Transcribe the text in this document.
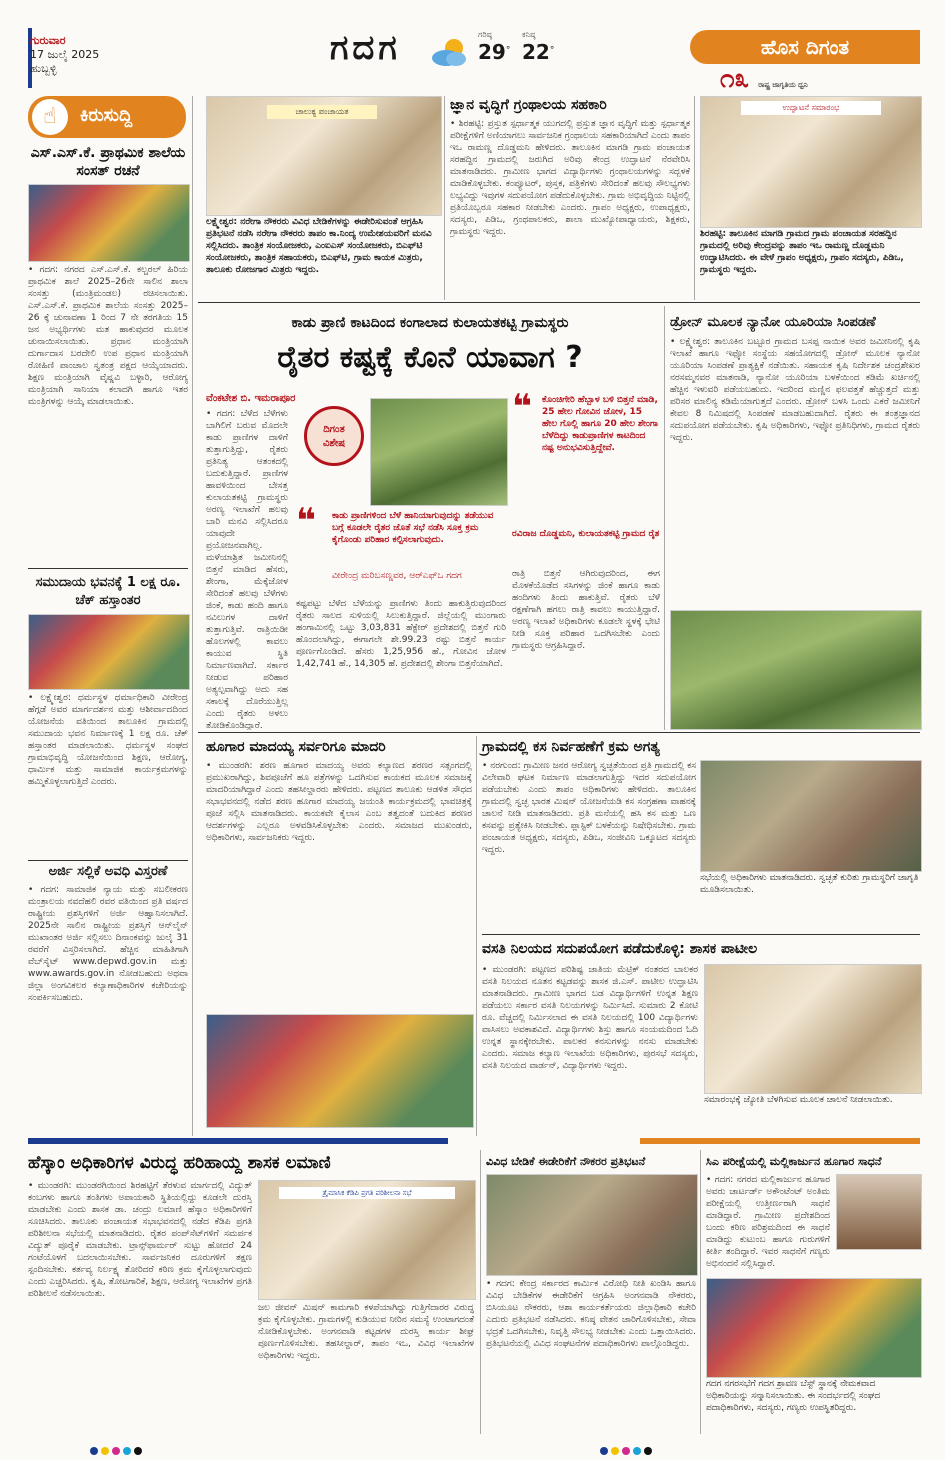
ಗುರುವಾರ
17 ಜುಲೈ 2025
ಹುಬ್ಬಳ್ಳಿ
ಗದಗ	ಗರಿಷ್ಠ
29°
ಕನಿಷ್ಠ
22°	ಹೊಸ ದಿಗಂತ
೧೩ ರಾಷ್ಟ್ರ ಜಾಗೃತಿಯ ಧ್ವನಿ
☝	ಕಿರುಸುದ್ದಿ
ಎಸ್.ಎಸ್.ಕೆ. ಪ್ರಾಥಮಿಕ ಶಾಲೆಯ ಸಂಸತ್ ರಚನೆ
• ಗದಗ: ನಗರದ ಎಸ್.ಎಸ್.ಕೆ. ಕಲ್ಚರಲ್ ಹಿರಿಯ ಪ್ರಾಥಮಿಕ ಶಾಲೆ 2025–26ನೇ ಸಾಲಿನ ಶಾಲಾ ಸಂಸತ್ತು (ಮಂತ್ರಿಮಂಡಲ) ರಚಿಸಲಾಯಿತು. ಎಸ್.ಎಸ್.ಕೆ. ಪ್ರಾಥಮಿಕ ಶಾಲೆಯ ಸಂಸತ್ತು 2025–26 ಕ್ಕೆ ಚುನಾವಣಾ 1 ರಿಂದ 7 ನೇ ತರಗತಿಯ 15 ಜನ ಅಭ್ಯರ್ಥಿಗಳು ಮತ ಹಾಕುವುದರ ಮೂಲಕ ಚುನಾಯಿಸಲಾಯಿತು. ಪ್ರಧಾನ ಮಂತ್ರಿಯಾಗಿ ದುರ್ಗಾದಾಸ ಬರದೇಲಿ ಉಪ ಪ್ರಧಾನ ಮಂತ್ರಿಯಾಗಿ ರೋಹಿಣಿ ಪಾಂಚಾಲ ಸ್ವತಂತ್ರ ಪಕ್ಷದ ಆಯ್ಕೆಯಾದರು. ಶಿಕ್ಷಣ ಮಂತ್ರಿಯಾಗಿ ವೈಷ್ಣವಿ ಬಳ್ಳಾರಿ, ಆರೋಗ್ಯ ಮಂತ್ರಿಯಾಗಿ ಸಾನಿಯಾ ಕಲಾದಗಿ ಹಾಗೂ ಇತರ ಮಂತ್ರಿಗಳನ್ನು ಆಯ್ಕೆ ಮಾಡಲಾಯಿತು.
ಸಮುದಾಯ ಭವನಕ್ಕೆ 1 ಲಕ್ಷ ರೂ. ಚೆಕ್ ಹಸ್ತಾಂತರ
• ಲಕ್ಷ್ಮೇಶ್ವರ: ಧರ್ಮಸ್ಥಳ ಧರ್ಮಾಧಿಕಾರಿ ವೀರೇಂದ್ರ ಹೆಗ್ಗಡೆ ಅವರ ಮಾರ್ಗದರ್ಶನ ಮತ್ತು ಆಶೀರ್ವಾದದಿಂದ ಯೋಜನೆಯ ವತಿಯಿಂದ ತಾಲೂಕಿನ ಗ್ರಾಮದಲ್ಲಿ ಸಮುದಾಯ ಭವನ ನಿರ್ಮಾಣಕ್ಕೆ 1 ಲಕ್ಷ ರೂ. ಚೆಕ್ ಹಸ್ತಾಂತರ ಮಾಡಲಾಯಿತು. ಧರ್ಮಸ್ಥಳ ಸಂಘದ ಗ್ರಾಮಾಭಿವೃದ್ಧಿ ಯೋಜನೆಯಿಂದ ಶಿಕ್ಷಣ, ಆರೋಗ್ಯ, ಧಾರ್ಮಿಕ ಮತ್ತು ಸಾಮಾಜಿಕ ಕಾರ್ಯಕ್ರಮಗಳನ್ನು ಹಮ್ಮಿಕೊಳ್ಳಲಾಗುತ್ತಿದೆ ಎಂದರು.
ಅರ್ಜಿ ಸಲ್ಲಿಕೆ ಅವಧಿ ವಿಸ್ತರಣೆ
• ಗದಗ: ಸಾಮಾಜಿಕ ನ್ಯಾಯ ಮತ್ತು ಸಬಲೀಕರಣ ಮಂತ್ರಾಲಯ ನವದೆಹಲಿ ರವರ ವತಿಯಿಂದ ಪ್ರತಿ ವರ್ಷದ ರಾಷ್ಟ್ರೀಯ ಪ್ರಶಸ್ತಿಗಳಿಗೆ ಅರ್ಜಿ ಆಹ್ವಾನಿಸಲಾಗಿದೆ. 2025ನೇ ಸಾಲಿನ ರಾಷ್ಟ್ರೀಯ ಪ್ರಶಸ್ತಿಗೆ ಆನ್‌ಲೈನ್ ಮುಖಾಂತರ ಅರ್ಜಿ ಸಲ್ಲಿಸಲು ದಿನಾಂಕವನ್ನು ಜುಲೈ 31 ರವರೆಗೆ ವಿಸ್ತರಿಸಲಾಗಿದೆ. ಹೆಚ್ಚಿನ ಮಾಹಿತಿಗಾಗಿ ವೆಬ್‌ಸೈಟ್ www.depwd.gov.in ಮತ್ತು www.awards.gov.in ನೋಡಬಹುದು ಅಥವಾ ಜಿಲ್ಲಾ ಅಂಗವಿಕಲರ ಕಲ್ಯಾಣಾಧಿಕಾರಿಗಳ ಕಚೇರಿಯನ್ನು ಸಂಪರ್ಕಿಸಬಹುದು.
ಚಾಲುಕ್ಯ ಪಂಚಾಯತ
ಲಕ್ಷ್ಮೇಶ್ವರ: ನರೇಗಾ ನೌಕರರು ವಿವಿಧ ಬೇಡಿಕೆಗಳನ್ನು ಈಡೇರಿಸುವಂತೆ ಆಗ್ರಹಿಸಿ ಪ್ರತಿಭಟನೆ ನಡೆಸಿ ನರೇಗಾ ನೌಕರರು ತಾಪಂ ಕಾ.ನಿಂದ್ಯ ಉಮೇಶಯವರಿಗೆ ಮನವಿ ಸಲ್ಲಿಸಿದರು. ತಾಂತ್ರಿಕ ಸಂಯೋಜಕರು, ಎಂಐಎಸ್ ಸಂಯೋಜಕರು, ಬಿಎಫ್‌ಟಿ ಸಂಯೋಜಕರು, ತಾಂತ್ರಿಕ ಸಹಾಯಕರು, ಬಿಎಫ್‌ಟಿ, ಗ್ರಾಮ ಕಾಯಕ ಮಿತ್ರರು, ತಾಲೂಕು ರೋಜಗಾರ ಮಿತ್ರರು ಇದ್ದರು.
ಜ್ಞಾನ ವೃದ್ಧಿಗೆ ಗ್ರಂಥಾಲಯ ಸಹಕಾರಿ
• ಶಿರಹಟ್ಟಿ: ಪ್ರಸ್ತುತ ಸ್ಪರ್ಧಾತ್ಮಕ ಯುಗದಲ್ಲಿ ಪ್ರಸ್ತುತ ಜ್ಞಾನ ವೃದ್ಧಿಗೆ ಮತ್ತು ಸ್ಪರ್ಧಾತ್ಮಕ ಪರೀಕ್ಷೆಗಳಿಗೆ ಅಣಿಯಾಗಲು ಸಾರ್ವಜನಿಕ ಗ್ರಂಥಾಲಯ ಸಹಕಾರಿಯಾಗಿದೆ ಎಂದು ತಾಪಂ ಇಒ ರಾಮಣ್ಣ ದೊಡ್ಡಮನಿ ಹೇಳಿದರು. ತಾಲೂಕಿನ ಮಾಗಡಿ ಗ್ರಾಮ ಪಂಚಾಯತ ಸರಹದ್ದಿನ ಗ್ರಾಮದಲ್ಲಿ ಜರುಗಿದ ಅರಿವು ಕೇಂದ್ರ ಉದ್ಘಾಟನೆ ನೆರವೇರಿಸಿ ಮಾತನಾಡಿದರು. ಗ್ರಾಮೀಣ ಭಾಗದ ವಿದ್ಯಾರ್ಥಿಗಳು ಗ್ರಂಥಾಲಯಗಳನ್ನು ಸದ್ಬಳಕೆ ಮಾಡಿಕೊಳ್ಳಬೇಕು. ಕಂಪ್ಯೂಟರ್, ಪುಸ್ತಕ, ಪತ್ರಿಕೆಗಳು ಸೇರಿದಂತೆ ಹಲವು ಸೌಲಭ್ಯಗಳು ಲಭ್ಯವಿದ್ದು ಇವುಗಳ ಸದುಪಯೋಗ ಪಡೆದುಕೊಳ್ಳಬೇಕು. ಗ್ರಾಮ ಅಭಿವೃದ್ಧಿಯ ನಿಟ್ಟಿನಲ್ಲಿ ಪ್ರತಿಯೊಬ್ಬರೂ ಸಹಕಾರ ನೀಡಬೇಕು ಎಂದರು. ಗ್ರಾಪಂ ಅಧ್ಯಕ್ಷರು, ಉಪಾಧ್ಯಕ್ಷರು, ಸದಸ್ಯರು, ಪಿಡಿಒ, ಗ್ರಂಥಪಾಲಕರು, ಶಾಲಾ ಮುಖ್ಯೋಪಾಧ್ಯಾಯರು, ಶಿಕ್ಷಕರು, ಗ್ರಾಮಸ್ಥರು ಇದ್ದರು.
ಉದ್ಘಾಟನೆ ಸಮಾರಂಭ
ಶಿರಹಟ್ಟಿ: ತಾಲೂಕಿನ ಮಾಗಡಿ ಗ್ರಾಮದ ಗ್ರಾಮ ಪಂಚಾಯತ ಸರಹದ್ದಿನ ಗ್ರಾಮದಲ್ಲಿ ಅರಿವು ಕೇಂದ್ರವನ್ನು ತಾಪಂ ಇಒ ರಾಮಣ್ಣ ದೊಡ್ಡಮನಿ ಉದ್ಘಾಟಿಸಿದರು. ಈ ವೇಳೆ ಗ್ರಾಪಂ ಅಧ್ಯಕ್ಷರು, ಗ್ರಾಪಂ ಸದಸ್ಯರು, ಪಿಡಿಒ, ಗ್ರಾಮಸ್ಥರು ಇದ್ದರು.
ಕಾಡು ಪ್ರಾಣಿ ಕಾಟದಿಂದ ಕಂಗಾಲಾದ ಕುಲಾಯತಕಟ್ಟಿ ಗ್ರಾಮಸ್ಥರು
ರೈತರ ಕಷ್ಟಕ್ಕೆ ಕೊನೆ ಯಾವಾಗ ?
ವೆಂಕಟೇಶ ಬಿ. ಇಮರಾಪೂರ
• ಗದಗ: ಬೆಳೆದ ಬೆಳೆಗಳು ಬಾಗಿಲಿಗೆ ಬರುವ ಮೊದಲೇ ಕಾಡು ಪ್ರಾಣಿಗಳ ದಾಳಿಗೆ ತುತ್ತಾಗುತ್ತಿದ್ದು, ರೈತರು ಪ್ರತಿನಿತ್ಯ ಆತಂಕದಲ್ಲಿ ಬದುಕುತ್ತಿದ್ದಾರೆ. ಪ್ರಾಣಿಗಳ ಹಾವಳಿಯಿಂದ ಬೇಸತ್ತ ಕುಲಾಯತಕಟ್ಟಿ ಗ್ರಾಮಸ್ಥರು ಅರಣ್ಯ ಇಲಾಖೆಗೆ ಹಲವು ಬಾರಿ ಮನವಿ ಸಲ್ಲಿಸಿದರೂ ಯಾವುದೇ ಪ್ರಯೋಜನವಾಗಿಲ್ಲ. ಮಳೆಯಾಶ್ರಿತ ಜಮೀನಿನಲ್ಲಿ ಬಿತ್ತನೆ ಮಾಡಿದ ಹೆಸರು, ಶೇಂಗಾ, ಮೆಕ್ಕೆಜೋಳ ಸೇರಿದಂತೆ ಹಲವು ಬೆಳೆಗಳು ಜಿಂಕೆ, ಕಾಡು ಹಂದಿ ಹಾಗೂ ನವಿಲುಗಳ ದಾಳಿಗೆ ತುತ್ತಾಗುತ್ತಿವೆ. ರಾತ್ರಿಯಿಡೀ ಹೊಲಗಳಲ್ಲಿ ಕಾವಲು ಕಾಯುವ ಸ್ಥಿತಿ ನಿರ್ಮಾಣವಾಗಿದೆ. ಸರ್ಕಾರ ನೀಡುವ ಪರಿಹಾರ ಅತ್ಯಲ್ಪವಾಗಿದ್ದು ಅದು ಸಹ ಸಕಾಲಕ್ಕೆ ದೊರೆಯುತ್ತಿಲ್ಲ ಎಂದು ರೈತರು ಅಳಲು ತೋಡಿಕೊಂಡಿದ್ದಾರೆ.
ದಿಗಂತ
ವಿಶೇಷ
❝	ಕಾಡು ಪ್ರಾಣಿಗಳಿಂದ ಬೆಳೆ ಹಾನಿಯಾಗುವುದನ್ನು ತಡೆಯುವ ಬಗ್ಗೆ ಕೂಡಲೇ ರೈತರ ಜೊತೆ ಸಭೆ ನಡೆಸಿ ಸೂಕ್ತ ಕ್ರಮ ಕೈಗೊಂಡು ಪರಿಹಾರ ಕಲ್ಪಿಸಲಾಗುವುದು.
ವೀರೇಂದ್ರ ಮರಿಬಸಣ್ಣವರ, ಆರ್‌ಎಫ್‌ಒ ಗದಗ
ಕಷ್ಟಪಟ್ಟು ಬೆಳೆದ ಬೆಳೆಯನ್ನು ಪ್ರಾಣಿಗಳು ತಿಂದು ಹಾಕುತ್ತಿರುವುದರಿಂದ ರೈತರು ಸಾಲದ ಸುಳಿಯಲ್ಲಿ ಸಿಲುಕುತ್ತಿದ್ದಾರೆ. ಜಿಲ್ಲೆಯಲ್ಲಿ ಮುಂಗಾರು ಹಂಗಾಮಿನಲ್ಲಿ ಒಟ್ಟು 3,03,831 ಹೆಕ್ಟೇರ್ ಪ್ರದೇಶದಲ್ಲಿ ಬಿತ್ತನೆ ಗುರಿ ಹೊಂದಲಾಗಿದ್ದು, ಈಗಾಗಲೇ ಶೇ.99.23 ರಷ್ಟು ಬಿತ್ತನೆ ಕಾರ್ಯ ಪೂರ್ಣಗೊಂಡಿದೆ. ಹೆಸರು 1,25,956 ಹೆ., ಗೋವಿನ ಜೋಳ 1,42,741 ಹೆ., 14,305 ಹೆ. ಪ್ರದೇಶದಲ್ಲಿ ಶೇಂಗಾ ಬಿತ್ತನೆಯಾಗಿದೆ.
❝	ಕೊಂಚಿಗೇರಿ ಹೆಬ್ಬಾಳ ಬಳಿ ಬಿತ್ತನೆ ಮಾಡಿ, 25 ಹೇಲ ಗೋವಿನ ಜೋಳ, 15 ಹೇಲ ಗೊಲ್ಲಿ ಹಾಗೂ 20 ಹೇಲ ಶೇಂಗಾ ಬೆಳೆದಿದ್ದು ಕಾಡುಪ್ರಾಣಿಗಳ ಕಾಟದಿಂದ ನಷ್ಟ ಅನುಭವಿಸುತ್ತಿದ್ದೇವೆ.
ರವಿರಾಜ ದೊಡ್ಡಮನಿ, ಕುಲಾಯತಕಟ್ಟಿ ಗ್ರಾಮದ ರೈತ
ರಾತ್ರಿ ಬಿತ್ತನೆ ಆಗಿರುವುದರಿಂದ, ಈಗ ಮೊಳಕೆಯೊಡೆದ ಸಸಿಗಳನ್ನು ಜಿಂಕೆ ಹಾಗೂ ಕಾಡು ಹಂದಿಗಳು ತಿಂದು ಹಾಕುತ್ತಿವೆ. ರೈತರು ಬೆಳೆ ರಕ್ಷಣೆಗಾಗಿ ಹಗಲು ರಾತ್ರಿ ಕಾವಲು ಕಾಯುತ್ತಿದ್ದಾರೆ. ಅರಣ್ಯ ಇಲಾಖೆ ಅಧಿಕಾರಿಗಳು ಕೂಡಲೇ ಸ್ಥಳಕ್ಕೆ ಭೇಟಿ ನೀಡಿ ಸೂಕ್ತ ಪರಿಹಾರ ಒದಗಿಸಬೇಕು ಎಂದು ಗ್ರಾಮಸ್ಥರು ಆಗ್ರಹಿಸಿದ್ದಾರೆ.
ಡ್ರೋನ್ ಮೂಲಕ ನ್ಯಾನೋ ಯೂರಿಯಾ ಸಿಂಪಡಣೆ
• ಲಕ್ಷ್ಮೇಶ್ವರ: ತಾಲೂಕಿನ ಬಟ್ಟೂರ ಗ್ರಾಮದ ಬಸಪ್ಪ ನಾಯಿಕ ಅವರ ಜಮೀನಿನಲ್ಲಿ ಕೃಷಿ ಇಲಾಖೆ ಹಾಗೂ ಇಫ್ಕೋ ಸಂಸ್ಥೆಯ ಸಹಯೋಗದಲ್ಲಿ ಡ್ರೋನ್ ಮೂಲಕ ನ್ಯಾನೋ ಯೂರಿಯಾ ಸಿಂಪಡಣೆ ಪ್ರಾತ್ಯಕ್ಷಿಕೆ ನಡೆಯಿತು. ಸಹಾಯಕ ಕೃಷಿ ನಿರ್ದೇಶಕ ಚಂದ್ರಶೇಖರ ನರಸಮ್ಮನವರ ಮಾತನಾಡಿ, ನ್ಯಾನೋ ಯೂರಿಯಾ ಬಳಕೆಯಿಂದ ಕಡಿಮೆ ಖರ್ಚಿನಲ್ಲಿ ಹೆಚ್ಚಿನ ಇಳುವರಿ ಪಡೆಯಬಹುದು. ಇದರಿಂದ ಮಣ್ಣಿನ ಫಲವತ್ತತೆ ಹೆಚ್ಚುತ್ತದೆ ಮತ್ತು ಪರಿಸರ ಮಾಲಿನ್ಯ ಕಡಿಮೆಯಾಗುತ್ತದೆ ಎಂದರು. ಡ್ರೋನ್ ಬಳಸಿ ಒಂದು ಎಕರೆ ಜಮೀನಿಗೆ ಕೇವಲ 8 ನಿಮಿಷದಲ್ಲಿ ಸಿಂಪಡಣೆ ಮಾಡಬಹುದಾಗಿದೆ. ರೈತರು ಈ ತಂತ್ರಜ್ಞಾನದ ಸದುಪಯೋಗ ಪಡೆಯಬೇಕು. ಕೃಷಿ ಅಧಿಕಾರಿಗಳು, ಇಫ್ಕೋ ಪ್ರತಿನಿಧಿಗಳು, ಗ್ರಾಮದ ರೈತರು ಇದ್ದರು.
ಹೂಗಾರ ಮಾದಯ್ಯ ಸರ್ವರಿಗೂ ಮಾದರಿ
• ಮುಂಡರಗಿ: ಶರಣ ಹೂಗಾರ ಮಾದಯ್ಯ ಅವರು ಕಲ್ಯಾಣದ ಶರಣರ ಸತ್ಸಂಗದಲ್ಲಿ ಪ್ರಮುಖರಾಗಿದ್ದು, ಶಿವಪೂಜೆಗೆ ಹೂ ಪತ್ರೆಗಳನ್ನು ಒದಗಿಸುವ ಕಾಯಕದ ಮೂಲಕ ಸಮಾಜಕ್ಕೆ ಮಾದರಿಯಾಗಿದ್ದಾರೆ ಎಂದು ತಹಸೀಲ್ದಾರರು ಹೇಳಿದರು. ಪಟ್ಟಣದ ತಾಲೂಕು ಆಡಳಿತ ಸೌಧದ ಸಭಾಭವನದಲ್ಲಿ ನಡೆದ ಶರಣ ಹೂಗಾರ ಮಾದಯ್ಯ ಜಯಂತಿ ಕಾರ್ಯಕ್ರಮದಲ್ಲಿ ಭಾವಚಿತ್ರಕ್ಕೆ ಪೂಜೆ ಸಲ್ಲಿಸಿ ಮಾತನಾಡಿದರು. ಕಾಯಕವೇ ಕೈಲಾಸ ಎಂಬ ತತ್ವದಂತೆ ಬದುಕಿದ ಶರಣರ ಆದರ್ಶಗಳನ್ನು ಎಲ್ಲರೂ ಅಳವಡಿಸಿಕೊಳ್ಳಬೇಕು ಎಂದರು. ಸಮಾಜದ ಮುಖಂಡರು, ಅಧಿಕಾರಿಗಳು, ಸಾರ್ವಜನಿಕರು ಇದ್ದರು.
ಗ್ರಾಮದಲ್ಲಿ ಕಸ ನಿರ್ವಹಣೆಗೆ ಕ್ರಮ ಅಗತ್ಯ
• ನರಗುಂದ: ಗ್ರಾಮೀಣ ಜನರ ಆರೋಗ್ಯ ಸ್ವಚ್ಛತೆಯಿಂದ ಪ್ರತಿ ಗ್ರಾಮದಲ್ಲಿ ಕಸ ವಿಲೇವಾರಿ ಘಟಕ ನಿರ್ಮಾಣ ಮಾಡಲಾಗುತ್ತಿದ್ದು ಇದರ ಸದುಪಯೋಗ ಪಡೆಯಬೇಕು ಎಂದು ತಾಪಂ ಅಧಿಕಾರಿಗಳು ಹೇಳಿದರು. ತಾಲೂಕಿನ ಗ್ರಾಮದಲ್ಲಿ ಸ್ವಚ್ಛ ಭಾರತ ಮಿಷನ್ ಯೋಜನೆಯಡಿ ಕಸ ಸಂಗ್ರಹಣಾ ವಾಹನಕ್ಕೆ ಚಾಲನೆ ನೀಡಿ ಮಾತನಾಡಿದರು. ಪ್ರತಿ ಮನೆಯಲ್ಲಿ ಹಸಿ ಕಸ ಮತ್ತು ಒಣ ಕಸವನ್ನು ಪ್ರತ್ಯೇಕಿಸಿ ನೀಡಬೇಕು. ಪ್ಲಾಸ್ಟಿಕ್ ಬಳಕೆಯನ್ನು ನಿಷೇಧಿಸಬೇಕು. ಗ್ರಾಮ ಪಂಚಾಯತ ಅಧ್ಯಕ್ಷರು, ಸದಸ್ಯರು, ಪಿಡಿಒ, ಸಂಜೀವಿನಿ ಒಕ್ಕೂಟದ ಸದಸ್ಯರು ಇದ್ದರು.
ಸಭೆಯಲ್ಲಿ ಅಧಿಕಾರಿಗಳು ಮಾತನಾಡಿದರು. ಸ್ವಚ್ಛತೆ ಕುರಿತು ಗ್ರಾಮಸ್ಥರಿಗೆ ಜಾಗೃತಿ ಮೂಡಿಸಲಾಯಿತು.
ವಸತಿ ನಿಲಯದ ಸದುಪಯೋಗ ಪಡೆದುಕೊಳ್ಳಿ: ಶಾಸಕ ಪಾಟೀಲ
• ಮುಂಡರಗಿ: ಪಟ್ಟಣದ ಪರಿಶಿಷ್ಟ ಜಾತಿಯ ಮೆಟ್ರಿಕ್ ನಂತರದ ಬಾಲಕರ ವಸತಿ ನಿಲಯದ ನೂತನ ಕಟ್ಟಡವನ್ನು ಶಾಸಕ ಜಿ.ಎಸ್. ಪಾಟೀಲ ಉದ್ಘಾಟಿಸಿ ಮಾತನಾಡಿದರು. ಗ್ರಾಮೀಣ ಭಾಗದ ಬಡ ವಿದ್ಯಾರ್ಥಿಗಳಿಗೆ ಉನ್ನತ ಶಿಕ್ಷಣ ಪಡೆಯಲು ಸರ್ಕಾರ ವಸತಿ ನಿಲಯಗಳನ್ನು ನಿರ್ಮಿಸಿದೆ. ಸುಮಾರು 2 ಕೋಟಿ ರೂ. ವೆಚ್ಚದಲ್ಲಿ ನಿರ್ಮಿಸಲಾದ ಈ ವಸತಿ ನಿಲಯದಲ್ಲಿ 100 ವಿದ್ಯಾರ್ಥಿಗಳು ವಾಸಿಸಲು ಅವಕಾಶವಿದೆ. ವಿದ್ಯಾರ್ಥಿಗಳು ಶಿಸ್ತು ಹಾಗೂ ಸಂಯಮದಿಂದ ಓದಿ ಉನ್ನತ ಸ್ಥಾನಕ್ಕೇರಬೇಕು. ಪಾಲಕರ ಕನಸುಗಳನ್ನು ನನಸು ಮಾಡಬೇಕು ಎಂದರು. ಸಮಾಜ ಕಲ್ಯಾಣ ಇಲಾಖೆಯ ಅಧಿಕಾರಿಗಳು, ಪುರಸಭೆ ಸದಸ್ಯರು, ವಸತಿ ನಿಲಯದ ವಾರ್ಡನ್, ವಿದ್ಯಾರ್ಥಿಗಳು ಇದ್ದರು.
ಸಮಾರಂಭಕ್ಕೆ ಜ್ಯೋತಿ ಬೆಳಗಿಸುವ ಮೂಲಕ ಚಾಲನೆ ನೀಡಲಾಯಿತು.
ಹೆಸ್ಕಾಂ ಅಧಿಕಾರಿಗಳ ವಿರುದ್ಧ ಹರಿಹಾಯ್ದ ಶಾಸಕ ಲಮಾಣಿ
• ಮುಂಡರಗಿ: ಮುಂಡರಗಿಯಿಂದ ಶಿರಹಟ್ಟಿಗೆ ತೆರಳುವ ಮಾರ್ಗದಲ್ಲಿ ವಿದ್ಯುತ್ ಕಂಬಗಳು ಹಾಗೂ ತಂತಿಗಳು ಅಪಾಯಕಾರಿ ಸ್ಥಿತಿಯಲ್ಲಿದ್ದು ಕೂಡಲೇ ದುರಸ್ತಿ ಮಾಡಬೇಕು ಎಂದು ಶಾಸಕ ಡಾ. ಚಂದ್ರು ಲಮಾಣಿ ಹೆಸ್ಕಾಂ ಅಧಿಕಾರಿಗಳಿಗೆ ಸೂಚಿಸಿದರು. ತಾಲೂಕು ಪಂಚಾಯತ ಸಭಾಭವನದಲ್ಲಿ ನಡೆದ ಕೆಡಿಪಿ ಪ್ರಗತಿ ಪರಿಶೀಲನಾ ಸಭೆಯಲ್ಲಿ ಮಾತನಾಡಿದರು. ರೈತರ ಪಂಪ್‌ಸೆಟ್‌ಗಳಿಗೆ ಸಮರ್ಪಕ ವಿದ್ಯುತ್ ಪೂರೈಕೆ ಮಾಡಬೇಕು. ಟ್ರಾನ್ಸ್‌ಫಾರ್ಮರ್ ಸುಟ್ಟು ಹೋದರೆ 24 ಗಂಟೆಯೊಳಗೆ ಬದಲಾಯಿಸಬೇಕು. ಸಾರ್ವಜನಿಕರ ದೂರುಗಳಿಗೆ ತಕ್ಷಣ ಸ್ಪಂದಿಸಬೇಕು. ಕರ್ತವ್ಯ ನಿರ್ಲಕ್ಷ್ಯ ತೋರಿದರೆ ಕಠಿಣ ಕ್ರಮ ಕೈಗೊಳ್ಳಲಾಗುವುದು ಎಂದು ಎಚ್ಚರಿಸಿದರು. ಕೃಷಿ, ತೋಟಗಾರಿಕೆ, ಶಿಕ್ಷಣ, ಆರೋಗ್ಯ ಇಲಾಖೆಗಳ ಪ್ರಗತಿ ಪರಿಶೀಲನೆ ನಡೆಸಲಾಯಿತು.
ತ್ರೈಮಾಸಿಕ ಕೆಡಿಪಿ ಪ್ರಗತಿ ಪರಿಶೀಲನಾ ಸಭೆ
ಜಲ ಜೀವನ್ ಮಿಷನ್ ಕಾಮಗಾರಿ ಕಳಪೆಯಾಗಿದ್ದು ಗುತ್ತಿಗೆದಾರರ ವಿರುದ್ಧ ಕ್ರಮ ಕೈಗೊಳ್ಳಬೇಕು. ಗ್ರಾಮಗಳಲ್ಲಿ ಕುಡಿಯುವ ನೀರಿನ ಸಮಸ್ಯೆ ಉಂಟಾಗದಂತೆ ನೋಡಿಕೊಳ್ಳಬೇಕು. ಅಂಗನವಾಡಿ ಕಟ್ಟಡಗಳ ದುರಸ್ತಿ ಕಾರ್ಯ ಶೀಘ್ರ ಪೂರ್ಣಗೊಳಿಸಬೇಕು. ತಹಸೀಲ್ದಾರ್, ತಾಪಂ ಇಒ, ವಿವಿಧ ಇಲಾಖೆಗಳ ಅಧಿಕಾರಿಗಳು ಇದ್ದರು.
ವಿವಿಧ ಬೇಡಿಕೆ ಈಡೇರಿಕೆಗೆ ನೌಕರರ ಪ್ರತಿಭಟನೆ
• ಗದಗ: ಕೇಂದ್ರ ಸರ್ಕಾರದ ಕಾರ್ಮಿಕ ವಿರೋಧಿ ನೀತಿ ಖಂಡಿಸಿ ಹಾಗೂ ವಿವಿಧ ಬೇಡಿಕೆಗಳ ಈಡೇರಿಕೆಗೆ ಆಗ್ರಹಿಸಿ ಅಂಗನವಾಡಿ ನೌಕರರು, ಬಿಸಿಯೂಟ ನೌಕರರು, ಆಶಾ ಕಾರ್ಯಕರ್ತೆಯರು ಜಿಲ್ಲಾಧಿಕಾರಿ ಕಚೇರಿ ಎದುರು ಪ್ರತಿಭಟನೆ ನಡೆಸಿದರು. ಕನಿಷ್ಠ ವೇತನ ಜಾರಿಗೊಳಿಸಬೇಕು, ಸೇವಾ ಭದ್ರತೆ ಒದಗಿಸಬೇಕು, ನಿವೃತ್ತಿ ಸೌಲಭ್ಯ ನೀಡಬೇಕು ಎಂದು ಒತ್ತಾಯಿಸಿದರು. ಪ್ರತಿಭಟನೆಯಲ್ಲಿ ವಿವಿಧ ಸಂಘಟನೆಗಳ ಪದಾಧಿಕಾರಿಗಳು ಪಾಲ್ಗೊಂಡಿದ್ದರು.
ಸಿಎ ಪರೀಕ್ಷೆಯಲ್ಲಿ ಮಲ್ಲಿಕಾರ್ಜುನ ಹೂಗಾರ ಸಾಧನೆ
• ಗದಗ: ನಗರದ ಮಲ್ಲಿಕಾರ್ಜುನ ಹೂಗಾರ ಅವರು ಚಾರ್ಟರ್ಡ್ ಅಕೌಂಟೆಂಟ್ ಅಂತಿಮ ಪರೀಕ್ಷೆಯಲ್ಲಿ ಉತ್ತೀರ್ಣರಾಗಿ ಸಾಧನೆ ಮಾಡಿದ್ದಾರೆ. ಗ್ರಾಮೀಣ ಪ್ರದೇಶದಿಂದ ಬಂದು ಕಠಿಣ ಪರಿಶ್ರಮದಿಂದ ಈ ಸಾಧನೆ ಮಾಡಿದ್ದು ಕುಟುಂಬ ಹಾಗೂ ಗುರುಗಳಿಗೆ ಕೀರ್ತಿ ತಂದಿದ್ದಾರೆ. ಇವರ ಸಾಧನೆಗೆ ಗಣ್ಯರು ಅಭಿನಂದನೆ ಸಲ್ಲಿಸಿದ್ದಾರೆ.
ಗದಗ ನಗರಸಭೆಗೆ ಗದಗ ಶ್ರಾವಣ ಬೆಸ್ಟ್ ಸ್ಥಾನಕ್ಕೆ ನೇಮಕವಾದ ಅಧಿಕಾರಿಯನ್ನು ಸನ್ಮಾನಿಸಲಾಯಿತು. ಈ ಸಂದರ್ಭದಲ್ಲಿ ಸಂಘದ ಪದಾಧಿಕಾರಿಗಳು, ಸದಸ್ಯರು, ಗಣ್ಯರು ಉಪಸ್ಥಿತರಿದ್ದರು.
